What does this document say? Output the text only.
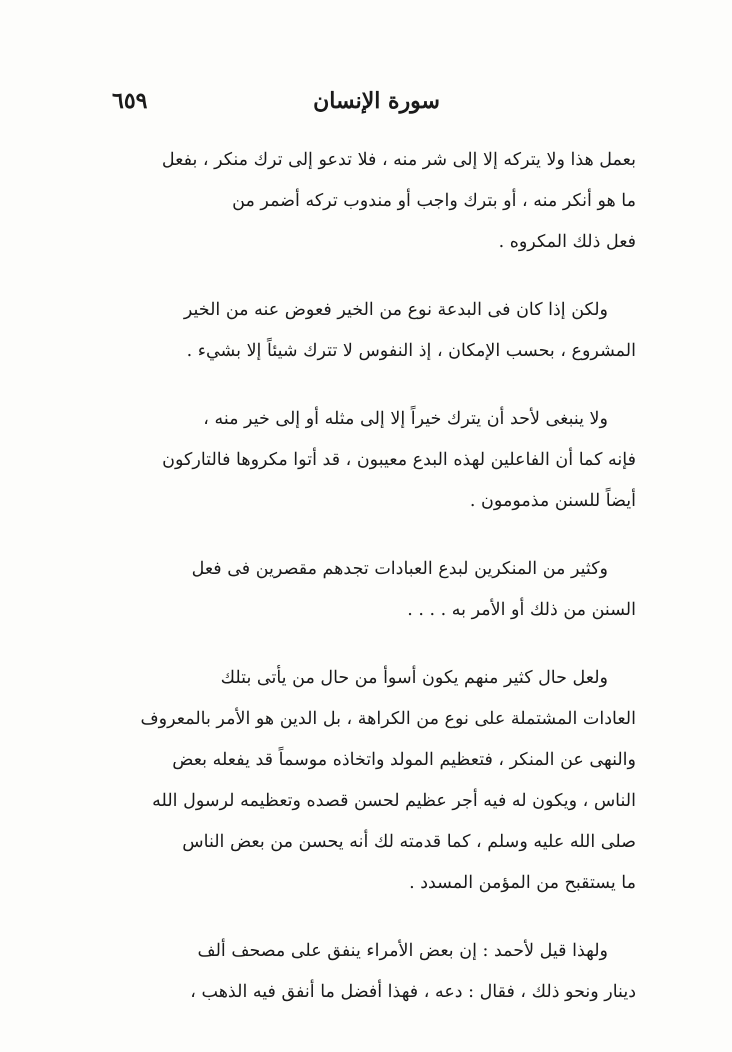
سورة الإنسان
٦٥٩
بعمل هذا ولا يتركه إلا إلى شر منه ، فلا تدعو إلى ترك منكر ، بفعل
ما هو أنكر منه ، أو بترك واجب أو مندوب تركه أضمر من
فعل ذلك المكروه .
ولكن إذا كان فى البدعة نوع من الخير فعوض عنه من الخير
المشروع ، بحسب الإمكان ، إذ النفوس لا تترك شيئاً إلا بشيء .
ولا ينبغى لأحد أن يترك خيراً إلا إلى مثله أو إلى خير منه ،
فإنه كما أن الفاعلين لهذه البدع معيبون ، قد أتوا مكروها فالتاركون
أيضاً للسنن مذمومون .
وكثير من المنكرين لبدع العبادات تجدهم مقصرين فى فعل
السنن من ذلك أو الأمر به . . . .
ولعل حال كثير منهم يكون أسوأ من حال من يأتى بتلك
العادات المشتملة على نوع من الكراهة ، بل الدين هو الأمر بالمعروف
والنهى عن المنكر ، فتعظيم المولد واتخاذه موسماً قد يفعله بعض
الناس ، ويكون له فيه أجر عظيم لحسن قصده وتعظيمه لرسول الله
صلى الله عليه وسلم ، كما قدمته لك أنه يحسن من بعض الناس
ما يستقبح من المؤمن المسدد .
ولهذا قيل لأحمد : إن بعض الأمراء ينفق على مصحف ألف
دينار ونحو ذلك ، فقال : دعه ، فهذا أفضل ما أنفق فيه الذهب ،
